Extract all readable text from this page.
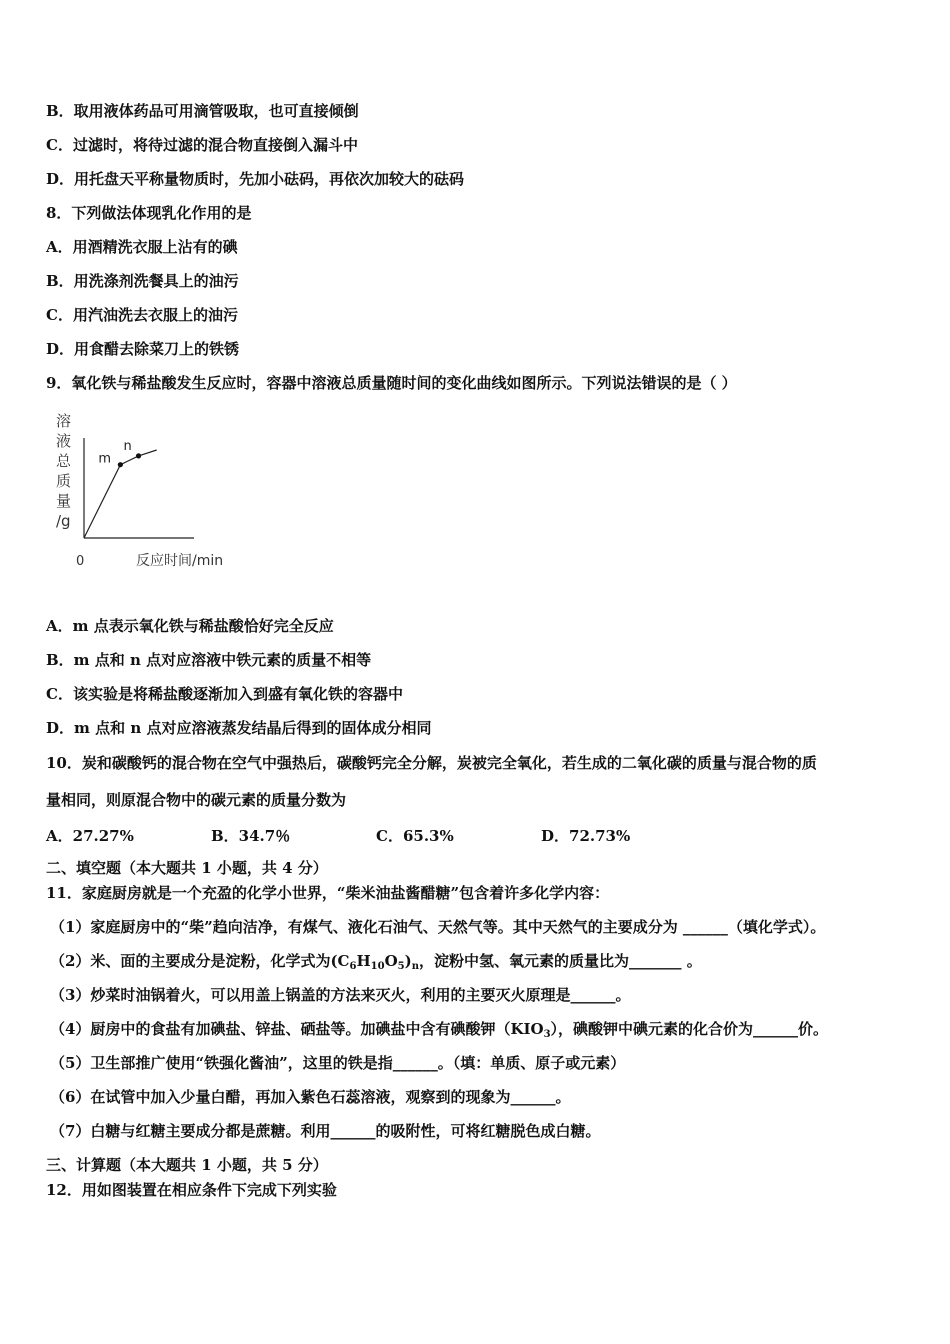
B．取用液体药品可用滴管吸取，也可直接倾倒
C．过滤时，将待过滤的混合物直接倒入漏斗中
D．用托盘天平称量物质时，先加小砝码，再依次加较大的砝码
8．下列做法体现乳化作用的是
A．用酒精洗衣服上沾有的碘
B．用洗涤剂洗餐具上的油污
C．用汽油洗去衣服上的油污
D．用食醋去除菜刀上的铁锈
9．氧化铁与稀盐酸发生反应时，容器中溶液总质量随时间的变化曲线如图所示。下列说法错误的是（ ）
溶
液
总
质
量
/g
m
n
0	反应时间/min
A．m 点表示氧化铁与稀盐酸恰好完全反应
B．m 点和 n 点对应溶液中铁元素的质量不相等
C．该实验是将稀盐酸逐渐加入到盛有氧化铁的容器中
D．m 点和 n 点对应溶液蒸发结晶后得到的固体成分相同
10．炭和碳酸钙的混合物在空气中强热后，碳酸钙完全分解，炭被完全氧化，若生成的二氧化碳的质量与混合物的质
量相同，则原混合物中的碳元素的质量分数为
A．27.27%	B．34.7％	C．65.3%	D．72.73%
二、填空题（本大题共 1 小题，共 4 分）
11．家庭厨房就是一个充盈的化学小世界，“柴米油盐酱醋糖”包含着许多化学内容：
（1）家庭厨房中的“柴”趋向洁净，有煤气、液化石油气、天然气等。其中天然气的主要成分为 ______（填化学式）。
（2）米、面的主要成分是淀粉，化学式为$(C_6H_{10}O_5)_n$，淀粉中氢、氧元素的质量比为_______ 。
（3）炒菜时油锅着火，可以用盖上锅盖的方法来灭火，利用的主要灭火原理是______。
（4）厨房中的食盐有加碘盐、锌盐、硒盐等。加碘盐中含有碘酸钾$(KIO_3)$，碘酸钾中碘元素的化合价为______价。
（5）卫生部推广使用“铁强化酱油”，这里的铁是指______。（填：单质、原子或元素）
（6）在试管中加入少量白醋，再加入紫色石蕊溶液，观察到的现象为______。
（7）白糖与红糖主要成分都是蔗糖。利用______的吸附性，可将红糖脱色成白糖。
三、计算题（本大题共 1 小题，共 5 分）
12．用如图装置在相应条件下完成下列实验
